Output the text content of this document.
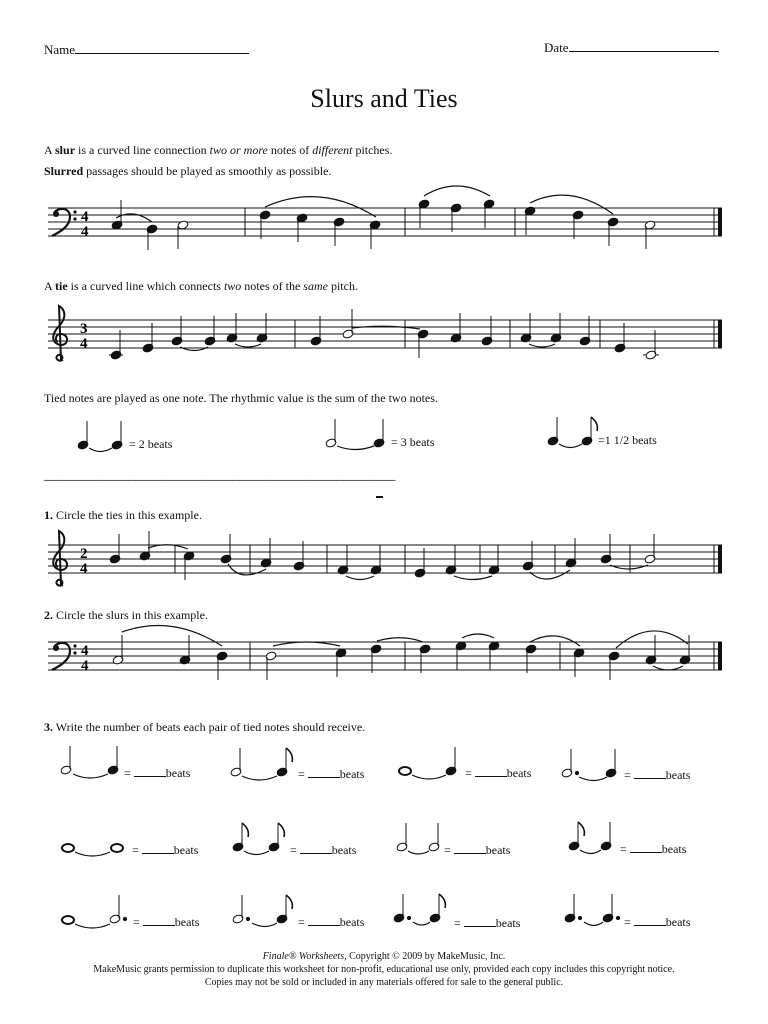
Name	Date
Slurs and Ties
A slur is a curved line connection two or more notes of different pitches.
Slurred passages should be played as smoothly as possible.
4
4
A tie is a curved line which connects two notes of the same pitch.
3
4
Tied notes are played as one note. The rhythmic value is the sum of the two notes.
= 2 beats	= 3 beats	=1 1/2 beats
______________________________________________________
1. Circle the ties in this example.
2
4
2. Circle the slurs in this example.
4
4
3. Write the number of beats each pair of tied notes should receive.
=	beats	=	beats	=	beats	=	beats
=	beats	=	beats	=	beats	=	beats
=	beats	=	beats	=	beats	=	beats
Finale® Worksheets, Copyright © 2009 by MakeMusic, Inc.
MakeMusic grants permission to duplicate this worksheet for non-profit, educational use only, provided each copy includes this copyright notice.
Copies may not be sold or included in any materials offered for sale to the general public.
